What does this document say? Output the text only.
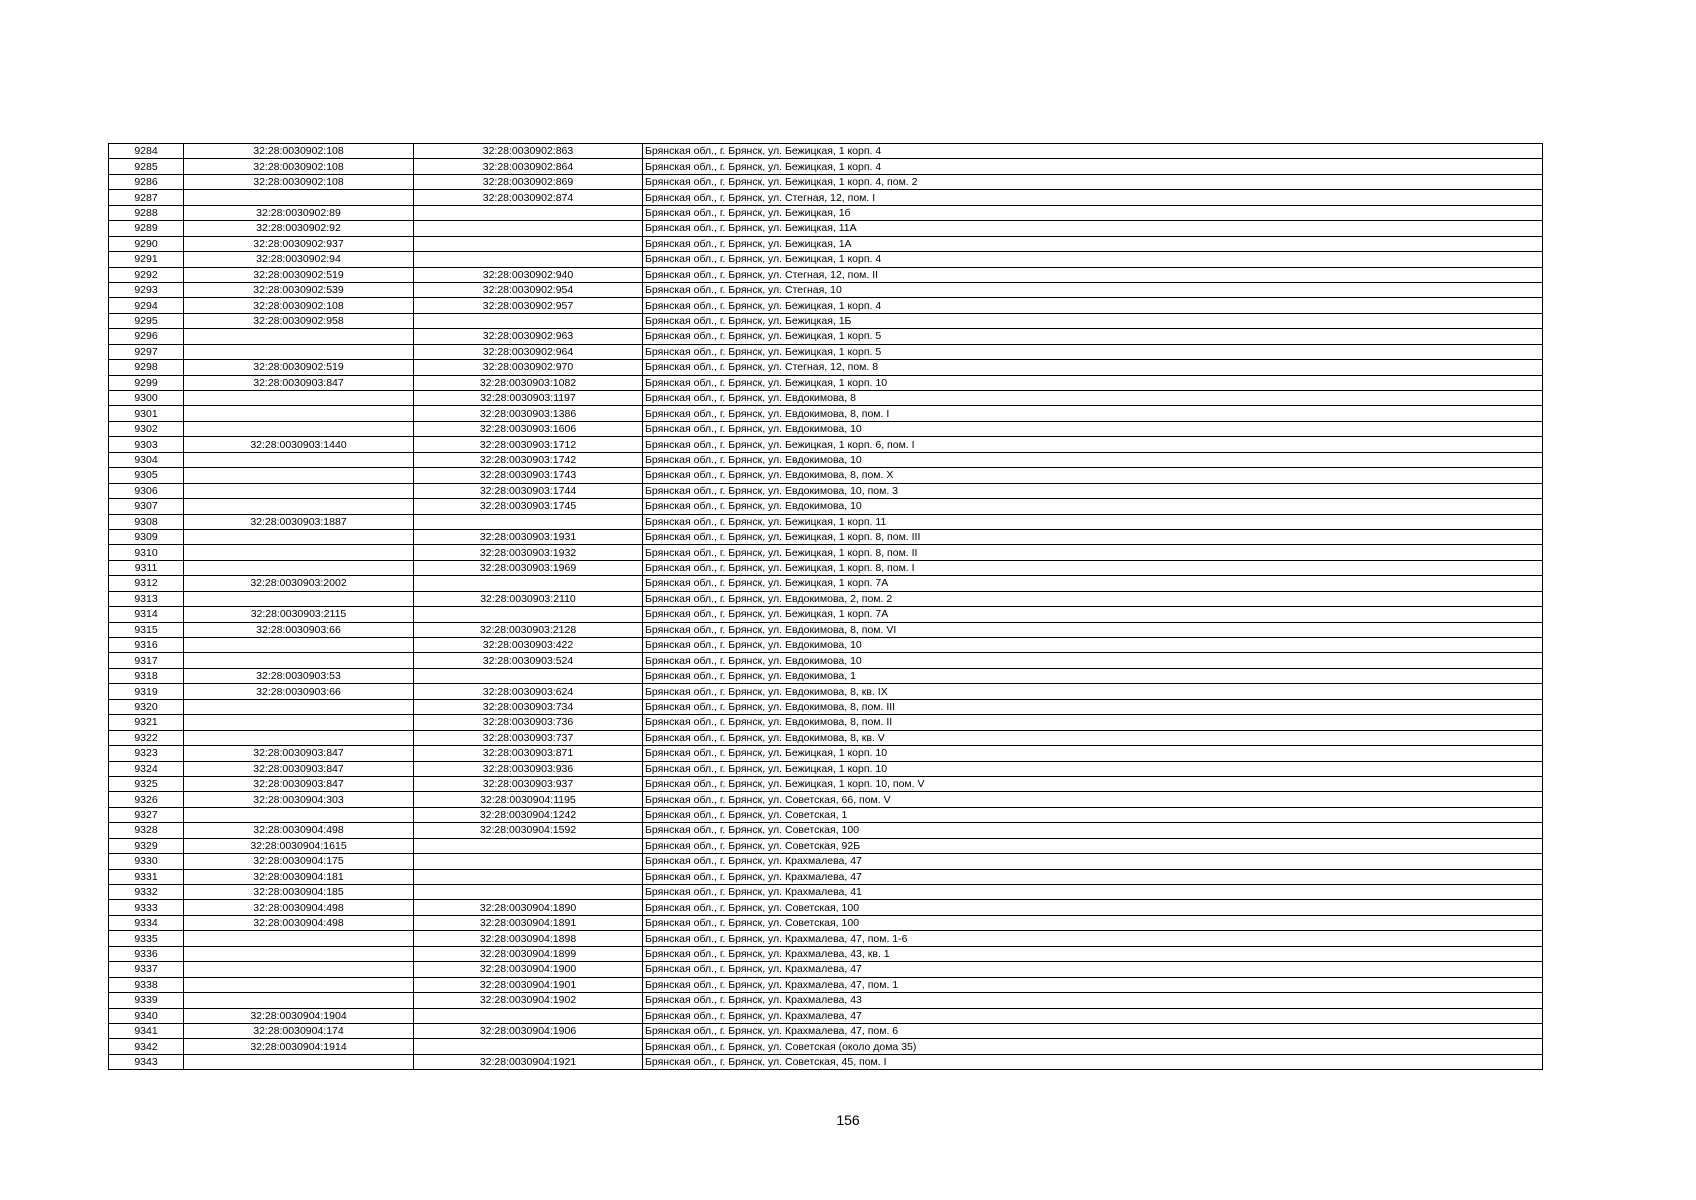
9284	32:28:0030902:108	32:28:0030902:863	Брянская обл., г. Брянск, ул. Бежицкая, 1 корп. 4
9285	32:28:0030902:108	32:28:0030902:864	Брянская обл., г. Брянск, ул. Бежицкая, 1 корп. 4
9286	32:28:0030902:108	32:28:0030902:869	Брянская обл., г. Брянск, ул. Бежицкая, 1 корп. 4, пом. 2
9287		32:28:0030902:874	Брянская обл., г. Брянск, ул. Стегная, 12, пом. I
9288	32:28:0030902:89		Брянская обл., г. Брянск, ул. Бежицкая, 1б
9289	32:28:0030902:92		Брянская обл., г. Брянск, ул. Бежицкая, 11А
9290	32:28:0030902:937		Брянская обл., г. Брянск, ул. Бежицкая, 1А
9291	32:28:0030902:94		Брянская обл., г. Брянск, ул. Бежицкая, 1 корп. 4
9292	32:28:0030902:519	32:28:0030902:940	Брянская обл., г. Брянск, ул. Стегная, 12, пом. II
9293	32:28:0030902:539	32:28:0030902:954	Брянская обл., г. Брянск, ул. Стегная, 10
9294	32:28:0030902:108	32:28:0030902:957	Брянская обл., г. Брянск, ул. Бежицкая, 1 корп. 4
9295	32:28:0030902:958		Брянская обл., г. Брянск, ул. Бежицкая, 1Б
9296		32:28:0030902:963	Брянская обл., г. Брянск, ул. Бежицкая, 1 корп. 5
9297		32:28:0030902:964	Брянская обл., г. Брянск, ул. Бежицкая, 1 корп. 5
9298	32:28:0030902:519	32:28:0030902:970	Брянская обл., г. Брянск, ул. Стегная, 12, пом. 8
9299	32:28:0030903:847	32:28:0030903:1082	Брянская обл., г. Брянск, ул. Бежицкая, 1 корп. 10
9300		32:28:0030903:1197	Брянская обл., г. Брянск, ул. Евдокимова, 8
9301		32:28:0030903:1386	Брянская обл., г. Брянск, ул. Евдокимова, 8, пом. I
9302		32:28:0030903:1606	Брянская обл., г. Брянск, ул. Евдокимова, 10
9303	32:28:0030903:1440	32:28:0030903:1712	Брянская обл., г. Брянск, ул. Бежицкая, 1 корп. 6, пом. I
9304		32:28:0030903:1742	Брянская обл., г. Брянск, ул. Евдокимова, 10
9305		32:28:0030903:1743	Брянская обл., г. Брянск, ул. Евдокимова, 8, пом. X
9306		32:28:0030903:1744	Брянская обл., г. Брянск, ул. Евдокимова, 10, пом. 3
9307		32:28:0030903:1745	Брянская обл., г. Брянск, ул. Евдокимова, 10
9308	32:28:0030903:1887		Брянская обл., г. Брянск, ул. Бежицкая, 1 корп. 11
9309		32:28:0030903:1931	Брянская обл., г. Брянск, ул. Бежицкая, 1 корп. 8, пом. III
9310		32:28:0030903:1932	Брянская обл., г. Брянск, ул. Бежицкая, 1 корп. 8, пом. II
9311		32:28:0030903:1969	Брянская обл., г. Брянск, ул. Бежицкая, 1 корп. 8, пом. I
9312	32:28:0030903:2002		Брянская обл., г. Брянск, ул. Бежицкая, 1 корп. 7А
9313		32:28:0030903:2110	Брянская обл., г. Брянск, ул. Евдокимова, 2, пом. 2
9314	32:28:0030903:2115		Брянская обл., г. Брянск, ул. Бежицкая, 1 корп. 7А
9315	32:28:0030903:66	32:28:0030903:2128	Брянская обл., г. Брянск, ул. Евдокимова, 8, пом. VI
9316		32:28:0030903:422	Брянская обл., г. Брянск, ул. Евдокимова, 10
9317		32:28:0030903:524	Брянская обл., г. Брянск, ул. Евдокимова, 10
9318	32:28:0030903:53		Брянская обл., г. Брянск, ул. Евдокимова, 1
9319	32:28:0030903:66	32:28:0030903:624	Брянская обл., г. Брянск, ул. Евдокимова, 8, кв. IX
9320		32:28:0030903:734	Брянская обл., г. Брянск, ул. Евдокимова, 8, пом. III
9321		32:28:0030903:736	Брянская обл., г. Брянск, ул. Евдокимова, 8, пом. II
9322		32:28:0030903:737	Брянская обл., г. Брянск, ул. Евдокимова, 8, кв. V
9323	32:28:0030903:847	32:28:0030903:871	Брянская обл., г. Брянск, ул. Бежицкая, 1 корп. 10
9324	32:28:0030903:847	32:28:0030903:936	Брянская обл., г. Брянск, ул. Бежицкая, 1 корп. 10
9325	32:28:0030903:847	32:28:0030903:937	Брянская обл., г. Брянск, ул. Бежицкая, 1 корп. 10, пом. V
9326	32:28:0030904:303	32:28:0030904:1195	Брянская обл., г. Брянск, ул. Советская, 66, пом. V
9327		32:28:0030904:1242	Брянская обл., г. Брянск, ул. Советская, 1
9328	32:28:0030904:498	32:28:0030904:1592	Брянская обл., г. Брянск, ул. Советская, 100
9329	32:28:0030904:1615		Брянская обл., г. Брянск, ул. Советская, 92Б
9330	32:28:0030904:175		Брянская обл., г. Брянск, ул. Крахмалева, 47
9331	32:28:0030904:181		Брянская обл., г. Брянск, ул. Крахмалева, 47
9332	32:28:0030904:185		Брянская обл., г. Брянск, ул. Крахмалева, 41
9333	32:28:0030904:498	32:28:0030904:1890	Брянская обл., г. Брянск, ул. Советская, 100
9334	32:28:0030904:498	32:28:0030904:1891	Брянская обл., г. Брянск, ул. Советская, 100
9335		32:28:0030904:1898	Брянская обл., г. Брянск, ул. Крахмалева, 47, пом. 1-6
9336		32:28:0030904:1899	Брянская обл., г. Брянск, ул. Крахмалева, 43, кв. 1
9337		32:28:0030904:1900	Брянская обл., г. Брянск, ул. Крахмалева, 47
9338		32:28:0030904:1901	Брянская обл., г. Брянск, ул. Крахмалева, 47, пом. 1
9339		32:28:0030904:1902	Брянская обл., г. Брянск, ул. Крахмалева, 43
9340	32:28:0030904:1904		Брянская обл., г. Брянск, ул. Крахмалева, 47
9341	32:28:0030904:174	32:28:0030904:1906	Брянская обл., г. Брянск, ул. Крахмалева, 47, пом. 6
9342	32:28:0030904:1914		Брянская обл., г. Брянск, ул. Советская (около дома 35)
9343		32:28:0030904:1921	Брянская обл., г. Брянск, ул. Советская, 45, пом. I
156
